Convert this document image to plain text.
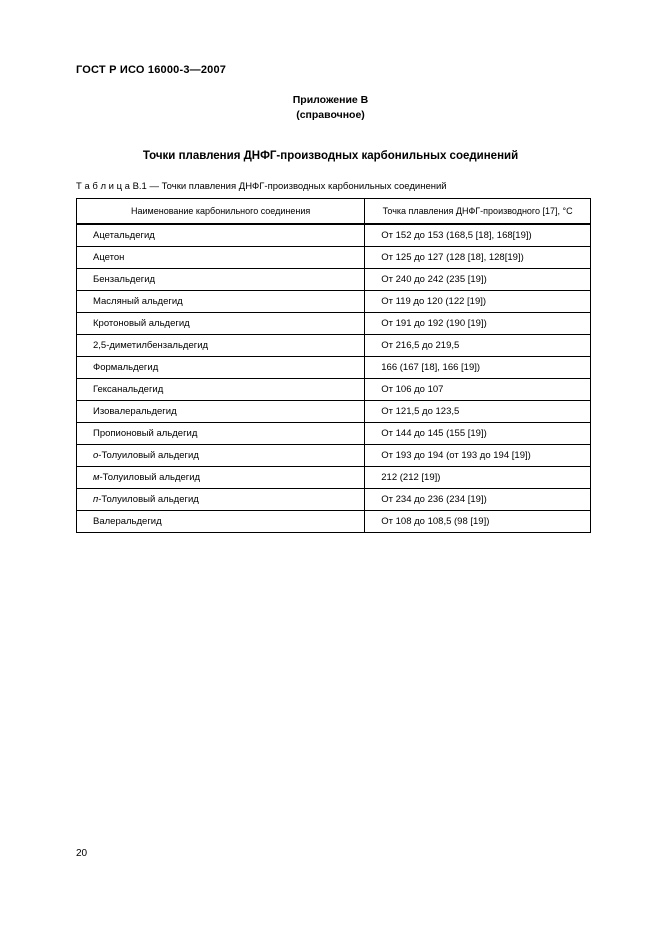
ГОСТ Р ИСО 16000-3—2007
Приложение В
(справочное)
Точки плавления ДНФГ-производных карбонильных соединений
Т а б л и ц а В.1 — Точки плавления ДНФГ-производных карбонильных соединений
Наименование карбонильного соединения	Точка плавления ДНФГ-производного [17], °С
Ацетальдегид	От 152 до 153 (168,5 [18], 168[19])
Ацетон	От 125 до 127 (128 [18], 128[19])
Бензальдегид	От 240 до 242 (235 [19])
Масляный альдегид	От 119 до 120 (122 [19])
Кротоновый альдегид	От 191 до 192 (190 [19])
2,5-диметилбензальдегид	От 216,5 до 219,5
Формальдегид	166 (167 [18], 166 [19])
Гексанальдегид	От 106 до 107
Изовалеральдегид	От 121,5 до 123,5
Пропионовый альдегид	От 144 до 145 (155 [19])
о-Толуиловый альдегид	От 193 до 194 (от 193 до 194 [19])
м-Толуиловый альдегид	212 (212 [19])
п-Толуиловый альдегид	От 234 до 236 (234 [19])
Валеральдегид	От 108 до 108,5 (98 [19])
20
